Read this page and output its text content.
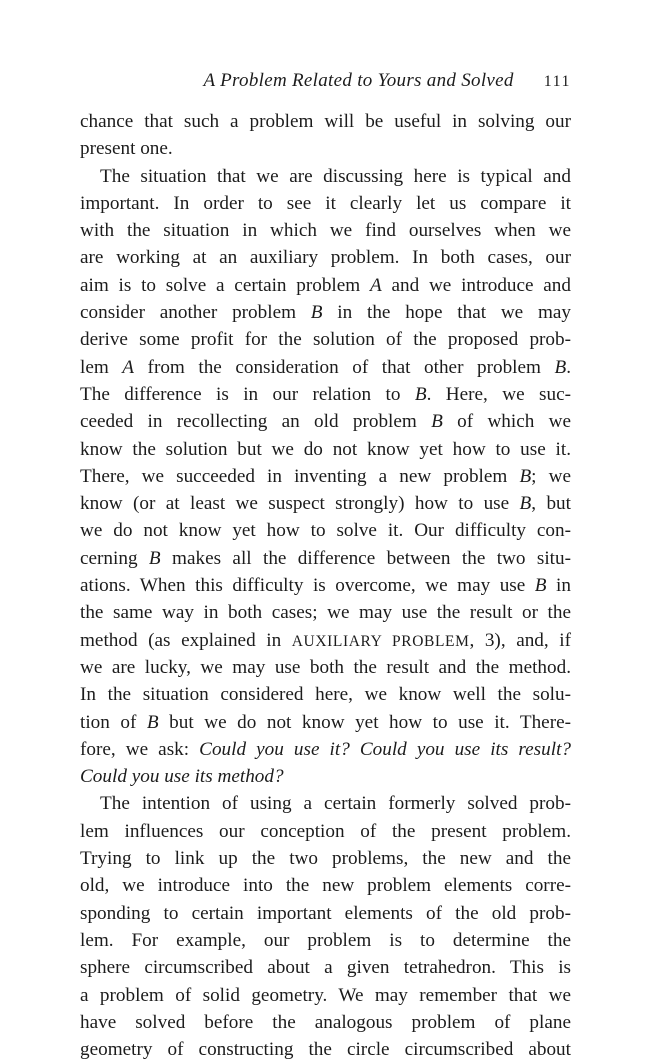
A Problem Related to Yours and Solved 111
chance that such a problem will be useful in solving our
present one.
The situation that we are discussing here is typical and
important. In order to see it clearly let us compare it
with the situation in which we find ourselves when we
are working at an auxiliary problem. In both cases, our
aim is to solve a certain problem A and we introduce and
consider another problem B in the hope that we may
derive some profit for the solution of the proposed prob-
lem A from the consideration of that other problem B.
The difference is in our relation to B. Here, we suc-
ceeded in recollecting an old problem B of which we
know the solution but we do not know yet how to use it.
There, we succeeded in inventing a new problem B; we
know (or at least we suspect strongly) how to use B, but
we do not know yet how to solve it. Our difficulty con-
cerning B makes all the difference between the two situ-
ations. When this difficulty is overcome, we may use B in
the same way in both cases; we may use the result or the
method (as explained in AUXILIARY PROBLEM, 3), and, if
we are lucky, we may use both the result and the method.
In the situation considered here, we know well the solu-
tion of B but we do not know yet how to use it. There-
fore, we ask: Could you use it? Could you use its result?
Could you use its method?
The intention of using a certain formerly solved prob-
lem influences our conception of the present problem.
Trying to link up the two problems, the new and the
old, we introduce into the new problem elements corre-
sponding to certain important elements of the old prob-
lem. For example, our problem is to determine the
sphere circumscribed about a given tetrahedron. This is
a problem of solid geometry. We may remember that we
have solved before the analogous problem of plane
geometry of constructing the circle circumscribed about
